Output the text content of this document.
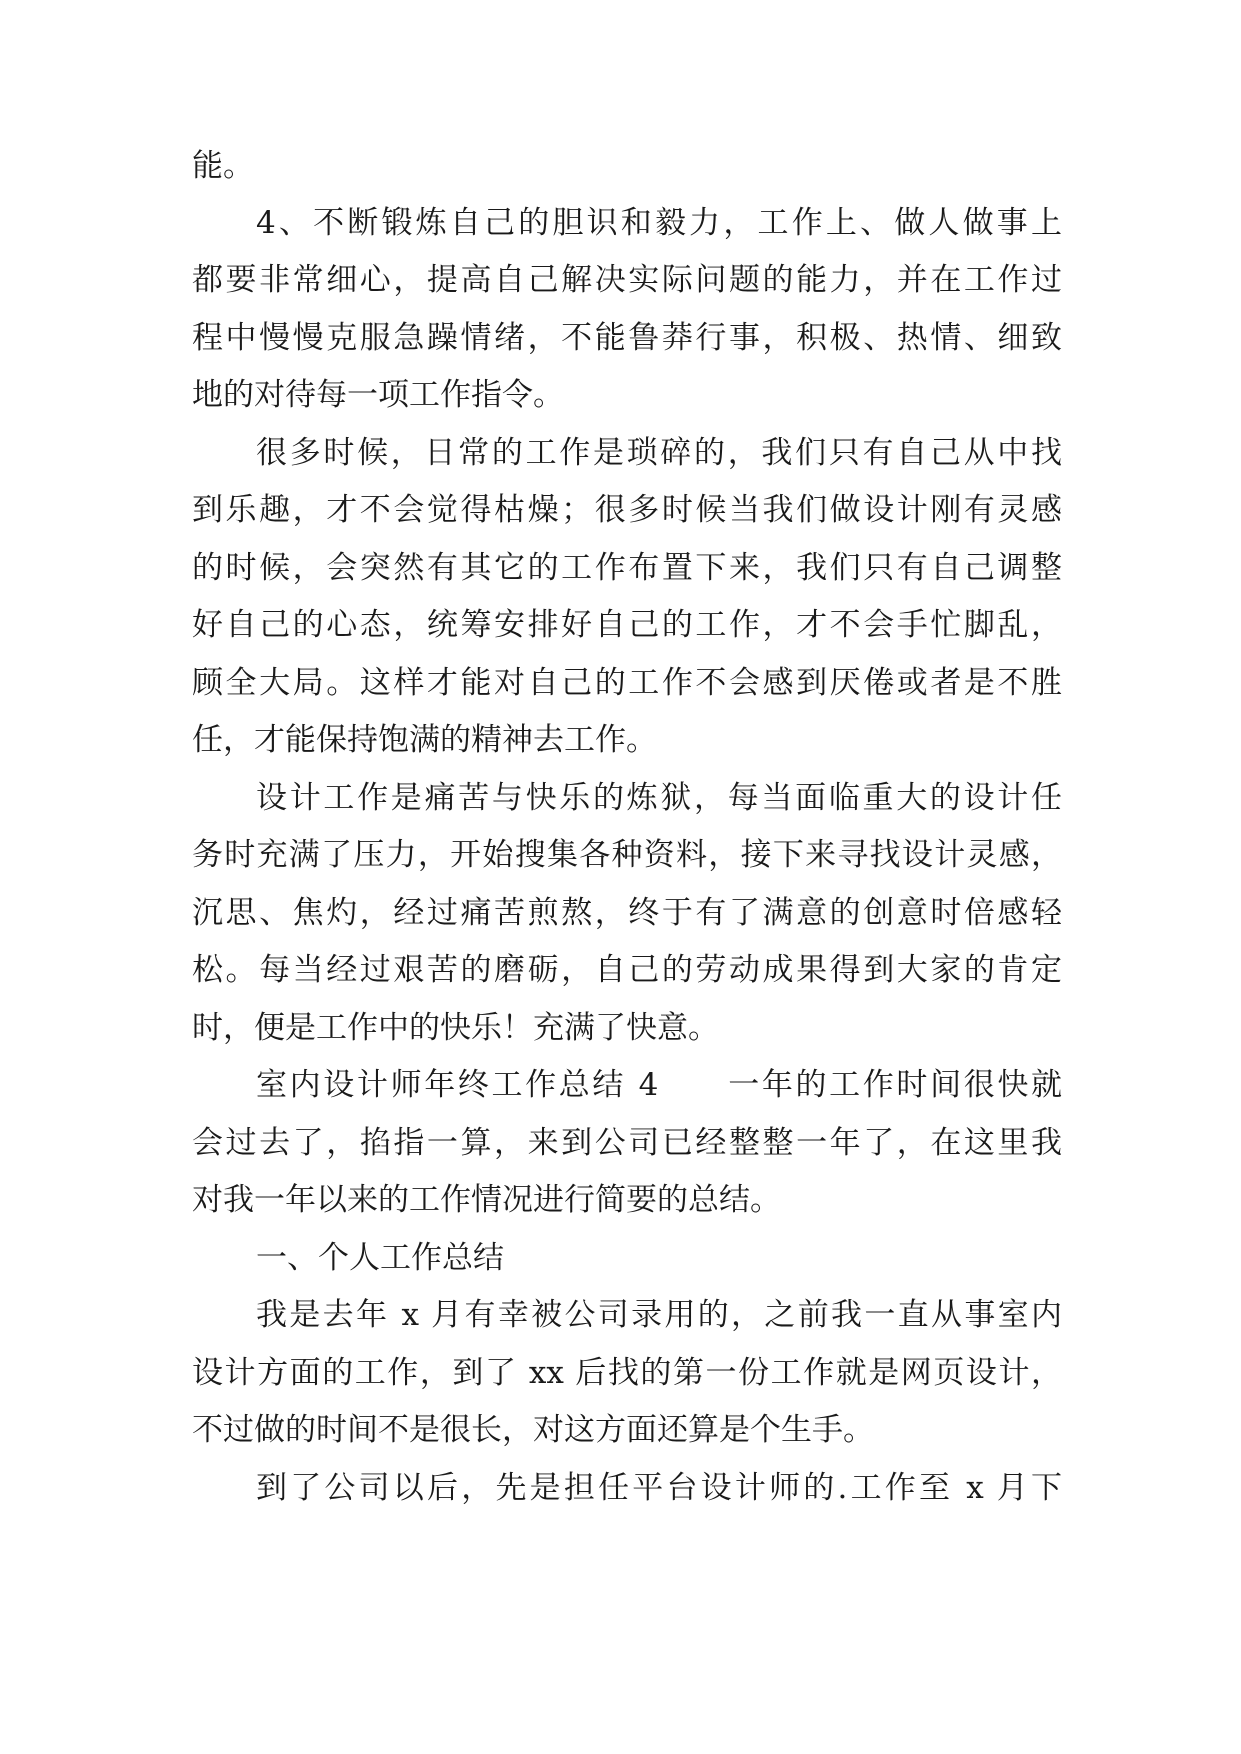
能。
4、不断锻炼自己的胆识和毅力，工作上、做人做事上
都要非常细心，提高自己解决实际问题的能力，并在工作过
程中慢慢克服急躁情绪，不能鲁莽行事，积极、热情、细致
地的对待每一项工作指令。
很多时候，日常的工作是琐碎的，我们只有自己从中找
到乐趣，才不会觉得枯燥；很多时候当我们做设计刚有灵感
的时候，会突然有其它的工作布置下来，我们只有自己调整
好自己的心态，统筹安排好自己的工作，才不会手忙脚乱，
顾全大局。这样才能对自己的工作不会感到厌倦或者是不胜
任，才能保持饱满的精神去工作。
设计工作是痛苦与快乐的炼狱，每当面临重大的设计任
务时充满了压力，开始搜集各种资料，接下来寻找设计灵感，
沉思、焦灼，经过痛苦煎熬，终于有了满意的创意时倍感轻
松。每当经过艰苦的磨砺，自己的劳动成果得到大家的肯定
时，便是工作中的快乐！充满了快意。
室内设计师年终工作总结 4　　一年的工作时间很快就
会过去了，掐指一算，来到公司已经整整一年了，在这里我
对我一年以来的工作情况进行简要的总结。
一、个人工作总结
我是去年 x 月有幸被公司录用的，之前我一直从事室内
设计方面的工作，到了 xx 后找的第一份工作就是网页设计，
不过做的时间不是很长，对这方面还算是个生手。
到了公司以后，先是担任平台设计师的.工作至 x 月下
